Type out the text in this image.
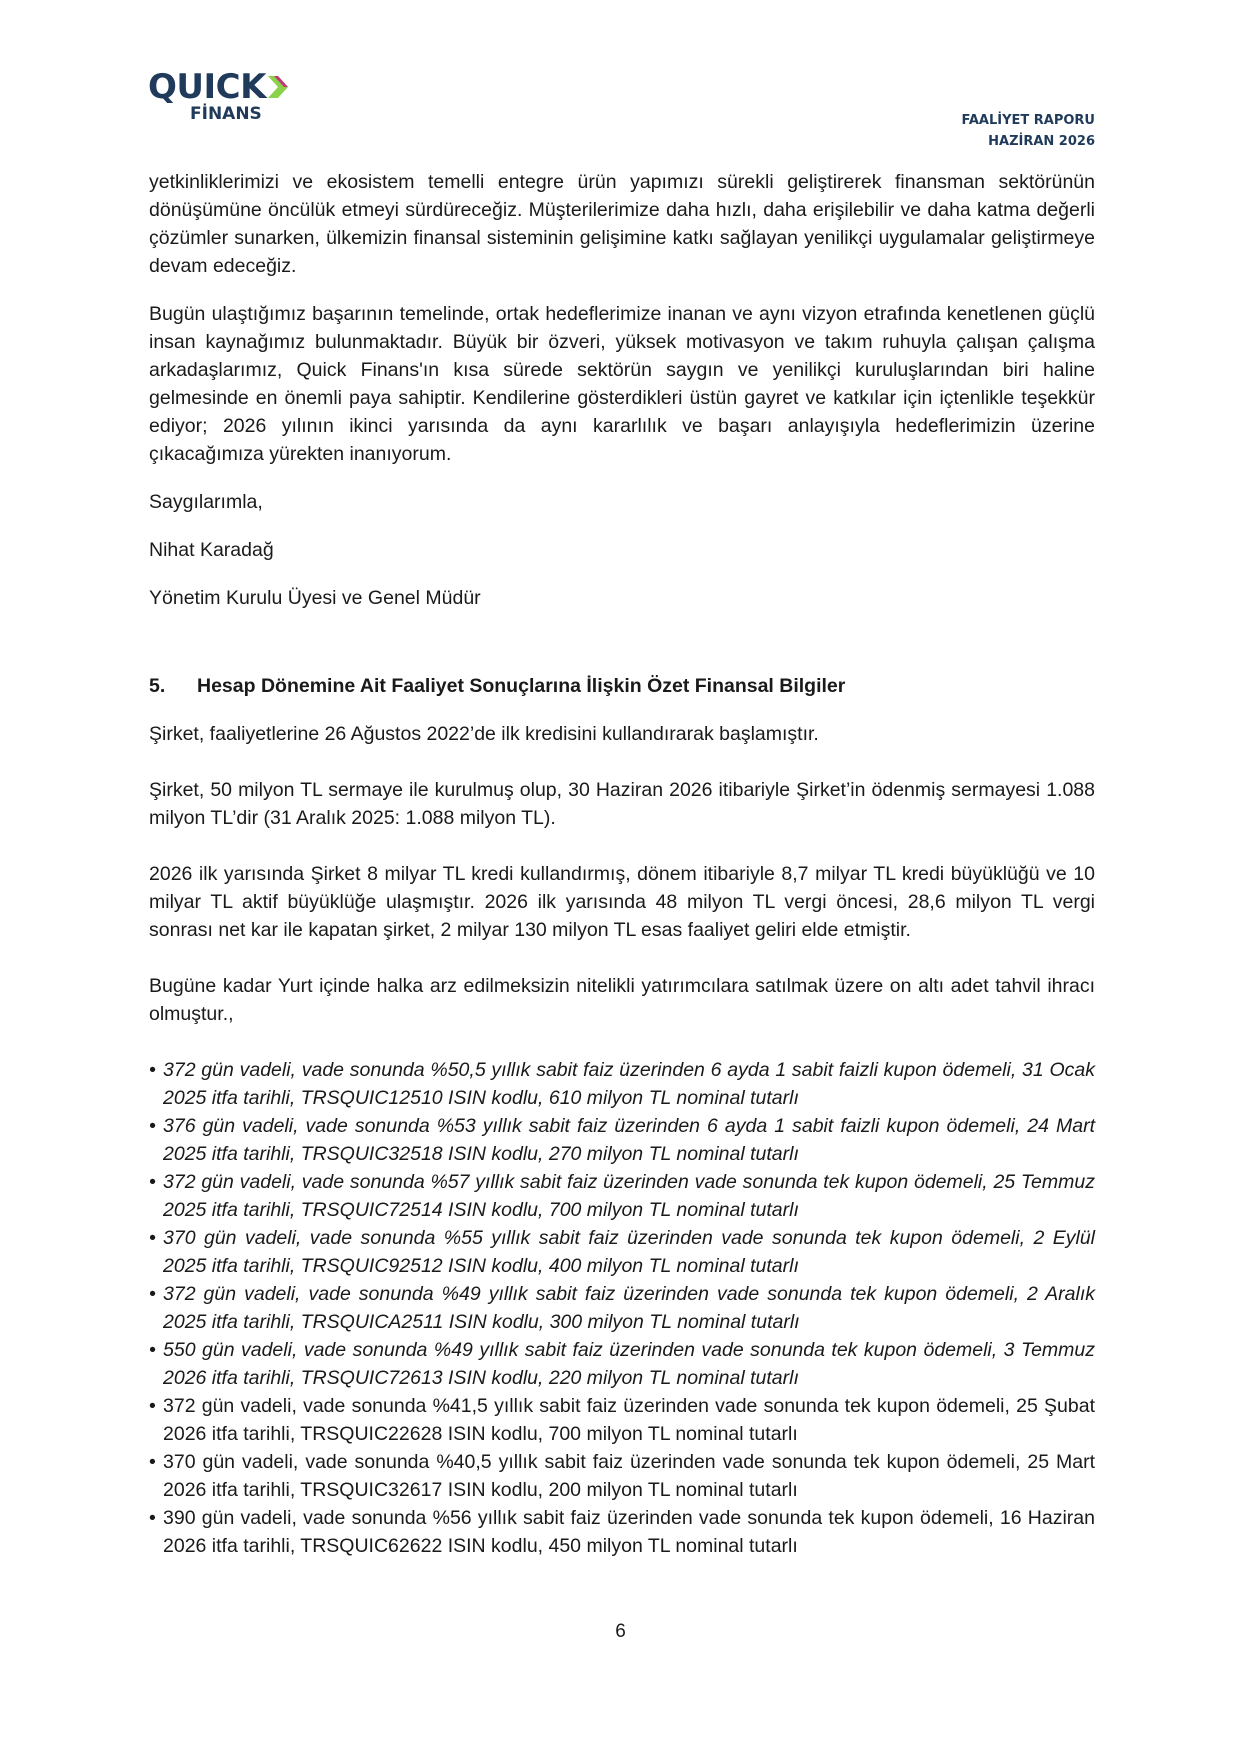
QUICK
FİNANS	FAALİYET RAPORU
HAZİRAN 2026

yetkinliklerimizi ve ekosistem temelli entegre ürün yapımızı sürekli geliştirerek finansman sektörünün dönüşümüne öncülük etmeyi sürdüreceğiz. Müşterilerimize daha hızlı, daha erişilebilir ve daha katma değerli çözümler sunarken, ülkemizin finansal sisteminin gelişimine katkı sağlayan yenilikçi uygulamalar geliştirmeye devam edeceğiz.

Bugün ulaştığımız başarının temelinde, ortak hedeflerimize inanan ve aynı vizyon etrafında kenetlenen güçlü insan kaynağımız bulunmaktadır. Büyük bir özveri, yüksek motivasyon ve takım ruhuyla çalışan çalışma arkadaşlarımız, Quick Finans'ın kısa sürede sektörün saygın ve yenilikçi kuruluşlarından biri haline gelmesinde en önemli paya sahiptir. Kendilerine gösterdikleri üstün gayret ve katkılar için içtenlikle teşekkür ediyor; 2026 yılının ikinci yarısında da aynı kararlılık ve başarı anlayışıyla hedeflerimizin üzerine çıkacağımıza yürekten inanıyorum.

Saygılarımla,

Nihat Karadağ

Yönetim Kurulu Üyesi ve Genel Müdür

5.	Hesap Dönemine Ait Faaliyet Sonuçlarına İlişkin Özet Finansal Bilgiler

Şirket, faaliyetlerine 26 Ağustos 2022’de ilk kredisini kullandırarak başlamıştır.

Şirket, 50 milyon TL sermaye ile kurulmuş olup, 30 Haziran 2026 itibariyle Şirket’in ödenmiş sermayesi 1.088 milyon TL’dir (31 Aralık 2025: 1.088 milyon TL).

2026 ilk yarısında Şirket 8 milyar TL kredi kullandırmış, dönem itibariyle 8,7 milyar TL kredi büyüklüğü ve 10 milyar TL aktif büyüklüğe ulaşmıştır. 2026 ilk yarısında 48 milyon TL vergi öncesi, 28,6 milyon TL vergi sonrası net kar ile kapatan şirket, 2 milyar 130 milyon TL esas faaliyet geliri elde etmiştir.

Bugüne kadar Yurt içinde halka arz edilmeksizin nitelikli yatırımcılara satılmak üzere on altı adet tahvil ihracı olmuştur.,

• 372 gün vadeli, vade sonunda %50,5 yıllık sabit faiz üzerinden 6 ayda 1 sabit faizli kupon ödemeli, 31 Ocak 2025 itfa tarihli, TRSQUIC12510 ISIN kodlu, 610 milyon TL nominal tutarlı
• 376 gün vadeli, vade sonunda %53 yıllık sabit faiz üzerinden 6 ayda 1 sabit faizli kupon ödemeli, 24 Mart 2025 itfa tarihli, TRSQUIC32518 ISIN kodlu, 270 milyon TL nominal tutarlı
• 372 gün vadeli, vade sonunda %57 yıllık sabit faiz üzerinden vade sonunda tek kupon ödemeli, 25 Temmuz 2025 itfa tarihli, TRSQUIC72514 ISIN kodlu, 700 milyon TL nominal tutarlı
• 370 gün vadeli, vade sonunda %55 yıllık sabit faiz üzerinden vade sonunda tek kupon ödemeli, 2 Eylül 2025 itfa tarihli, TRSQUIC92512 ISIN kodlu, 400 milyon TL nominal tutarlı
• 372 gün vadeli, vade sonunda %49 yıllık sabit faiz üzerinden vade sonunda tek kupon ödemeli, 2 Aralık 2025 itfa tarihli, TRSQUICA2511 ISIN kodlu, 300 milyon TL nominal tutarlı
• 550 gün vadeli, vade sonunda %49 yıllık sabit faiz üzerinden vade sonunda tek kupon ödemeli, 3 Temmuz 2026 itfa tarihli, TRSQUIC72613 ISIN kodlu, 220 milyon TL nominal tutarlı
• 372 gün vadeli, vade sonunda %41,5 yıllık sabit faiz üzerinden vade sonunda tek kupon ödemeli, 25 Şubat 2026 itfa tarihli, TRSQUIC22628 ISIN kodlu, 700 milyon TL nominal tutarlı
• 370 gün vadeli, vade sonunda %40,5 yıllık sabit faiz üzerinden vade sonunda tek kupon ödemeli, 25 Mart 2026 itfa tarihli, TRSQUIC32617 ISIN kodlu, 200 milyon TL nominal tutarlı
• 390 gün vadeli, vade sonunda %56 yıllık sabit faiz üzerinden vade sonunda tek kupon ödemeli, 16 Haziran 2026 itfa tarihli, TRSQUIC62622 ISIN kodlu, 450 milyon TL nominal tutarlı
6
